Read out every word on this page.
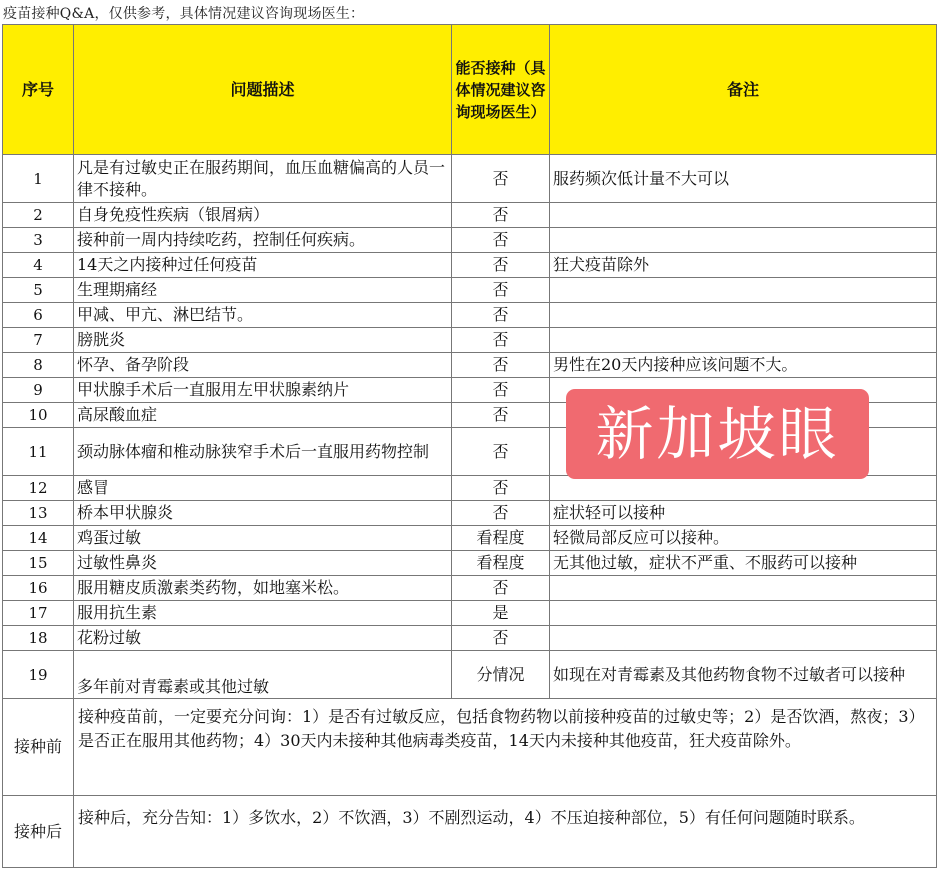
疫苗接种Q&A，仅供参考，具体情况建议咨询现场医生：
序号	问题描述	能否接种（具体情况建议咨询现场医生）	备注
1	凡是有过敏史正在服药期间，血压血糖偏高的人员一律不接种。	否	服药频次低计量不大可以
2	自身免疫性疾病（银屑病）	否	
3	接种前一周内持续吃药，控制任何疾病。	否	
4	14天之内接种过任何疫苗	否	狂犬疫苗除外
5	生理期痛经	否	
6	甲减、甲亢、淋巴结节。	否	
7	膀胱炎	否	
8	怀孕、备孕阶段	否	男性在20天内接种应该问题不大。
9	甲状腺手术后一直服用左甲状腺素纳片	否	
10	高尿酸血症	否	
11	颈动脉体瘤和椎动脉狭窄手术后一直服用药物控制	否	
12	感冒	否	
13	桥本甲状腺炎	否	症状轻可以接种
14	鸡蛋过敏	看程度	轻微局部反应可以接种。
15	过敏性鼻炎	看程度	无其他过敏，症状不严重、不服药可以接种
16	服用糖皮质激素类药物，如地塞米松。	否	
17	服用抗生素	是	
18	花粉过敏	否	
19	多年前对青霉素或其他过敏	分情况	如现在对青霉素及其他药物食物不过敏者可以接种
接种前	接种疫苗前，一定要充分问询：1）是否有过敏反应，包括食物药物以前接种疫苗的过敏史等；2）是否饮酒，熬夜；3）是否正在服用其他药物；4）30天内未接种其他病毒类疫苗，14天内未接种其他疫苗，狂犬疫苗除外。		
接种后	接种后，充分告知：1）多饮水，2）不饮酒，3）不剧烈运动，4）不压迫接种部位，5）有任何问题随时联系。		
新加坡眼
